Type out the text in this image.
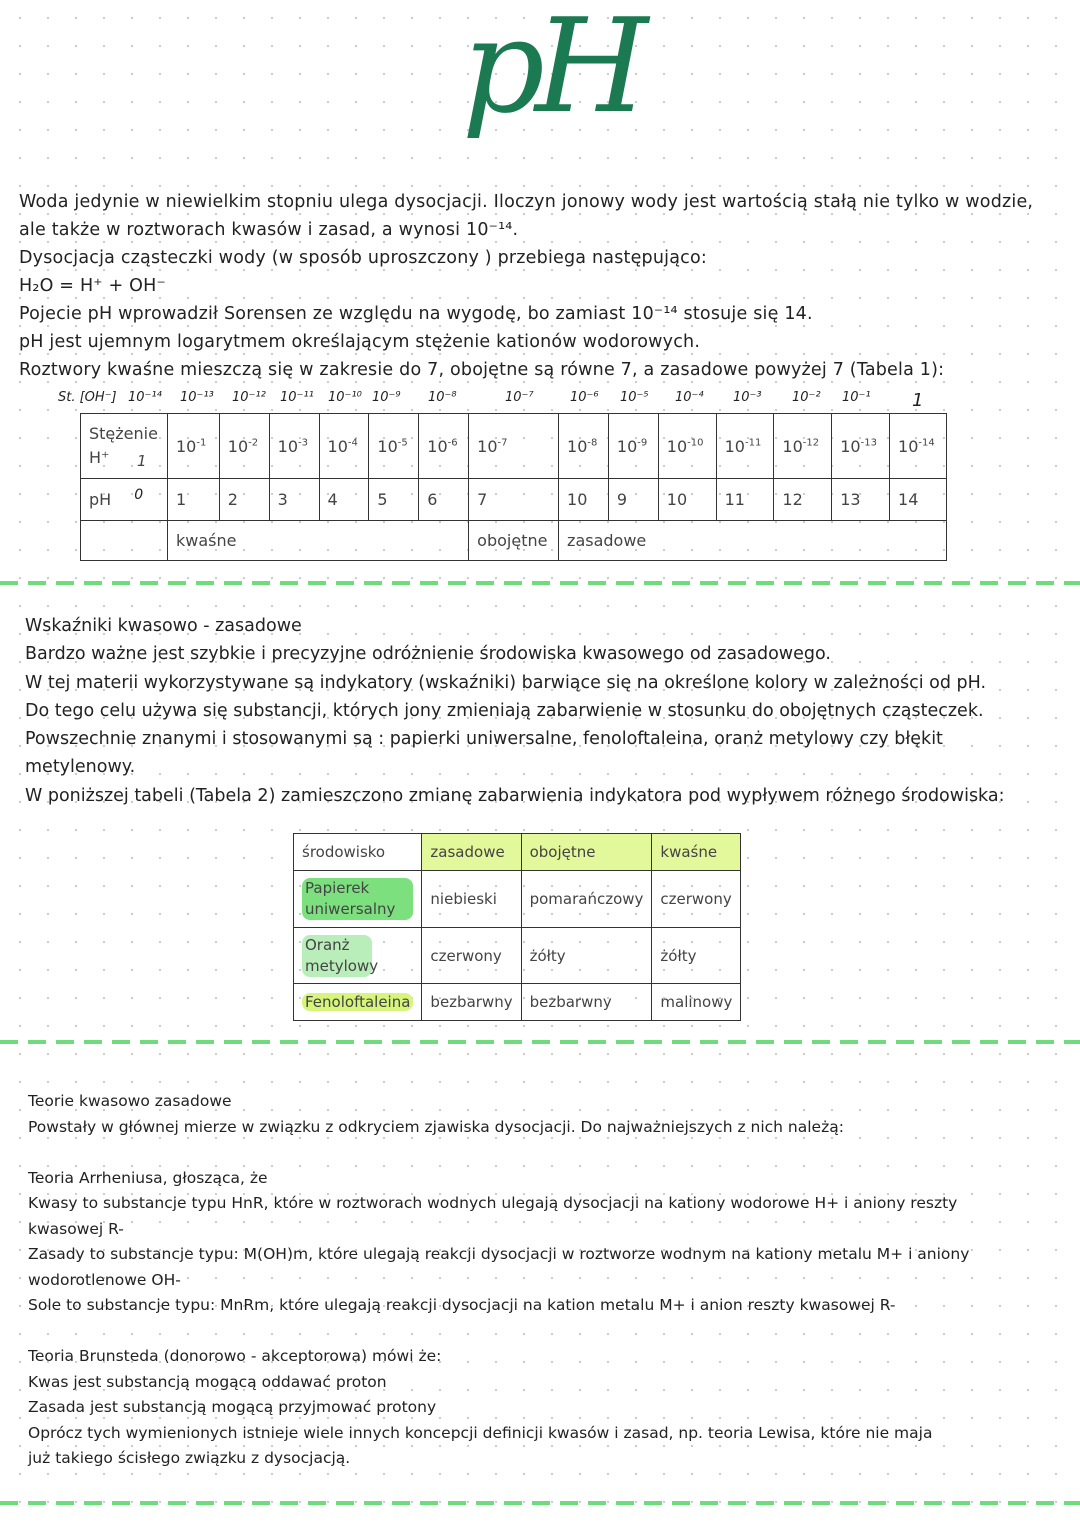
pH
Woda jedynie w niewielkim stopniu ulega dysocjacji. Iloczyn jonowy wody jest wartością stałą nie tylko w wodzie,
ale także w roztworach kwasów i zasad, a wynosi 10⁻¹⁴.
Dysocjacja cząsteczki wody (w sposób uproszczony ) przebiega następująco:
H₂O = H⁺ + OH⁻
Pojecie pH wprowadził Sorensen ze względu na wygodę, bo zamiast 10⁻¹⁴ stosuje się 14.
pH jest ujemnym logarytmem określającym stężenie kationów wodorowych.
Roztwory kwaśne mieszczą się w zakresie do 7, obojętne są równe 7, a zasadowe powyżej 7 (Tabela 1):
St. [OH⁻] 10⁻¹⁴ 10⁻¹³ 10⁻¹² 10⁻¹¹ 10⁻¹⁰ 10⁻⁹ 10⁻⁸	10⁻⁷	10⁻⁶ 10⁻⁵ 10⁻⁴ 10⁻³ 10⁻² 10⁻¹ 1
Stężenie H⁺ 1	$10^{-1}$	$10^{-2}$	$10^{-3}$	$10^{-4}$	$10^{-5}$	$10^{-6}$	$10^{-7}$	$10^{-8}$	$10^{-9}$	$10^{-10}$	$10^{-11}$	$10^{-12}$	$10^{-13}$	$10^{-14}$
pH 0	1	2	3	4	5	6	7	10	9	10	11	12	13	14
	kwaśne						obojętne	zasadowe						
Wskaźniki kwasowo - zasadowe
Bardzo ważne jest szybkie i precyzyjne odróżnienie środowiska kwasowego od zasadowego.
W tej materii wykorzystywane są indykatory (wskaźniki) barwiące się na określone kolory w zależności od pH.
Do tego celu używa się substancji, których jony zmieniają zabarwienie w stosunku do obojętnych cząsteczek.
Powszechnie znanymi i stosowanymi są : papierki uniwersalne, fenoloftaleina, oranż metylowy czy błękit
metylenowy.
W poniższej tabeli (Tabela 2) zamieszczono zmianę zabarwienia indykatora pod wypływem różnego środowiska:
środowisko	zasadowe	obojętne	kwaśne
Papierek uniwersalny	niebieski	pomarańczowy	czerwony
Oranż metylowy	czerwony	żółty	żółty
Fenoloftaleina	bezbarwny	bezbarwny	malinowy
Teorie kwasowo zasadowe
Powstały w głównej mierze w związku z odkryciem zjawiska dysocjacji. Do najważniejszych z nich należą:
Teoria Arrheniusa, głosząca, że
Kwasy to substancje typu HnR, które w roztworach wodnych ulegają dysocjacji na kationy wodorowe H+ i aniony reszty
kwasowej R-
Zasady to substancje typu: M(OH)m, które ulegają reakcji dysocjacji w roztworze wodnym na kationy metalu M+ i aniony
wodorotlenowe OH-
Sole to substancje typu: MnRm, które ulegają reakcji dysocjacji na kation metalu M+ i anion reszty kwasowej R-
Teoria Brunsteda (donorowo - akceptorowa) mówi że:
Kwas jest substancją mogącą oddawać proton
Zasada jest substancją mogącą przyjmować protony
Oprócz tych wymienionych istnieje wiele innych koncepcji definicji kwasów i zasad, np. teoria Lewisa, które nie maja
już takiego ścisłego związku z dysocjacją.
